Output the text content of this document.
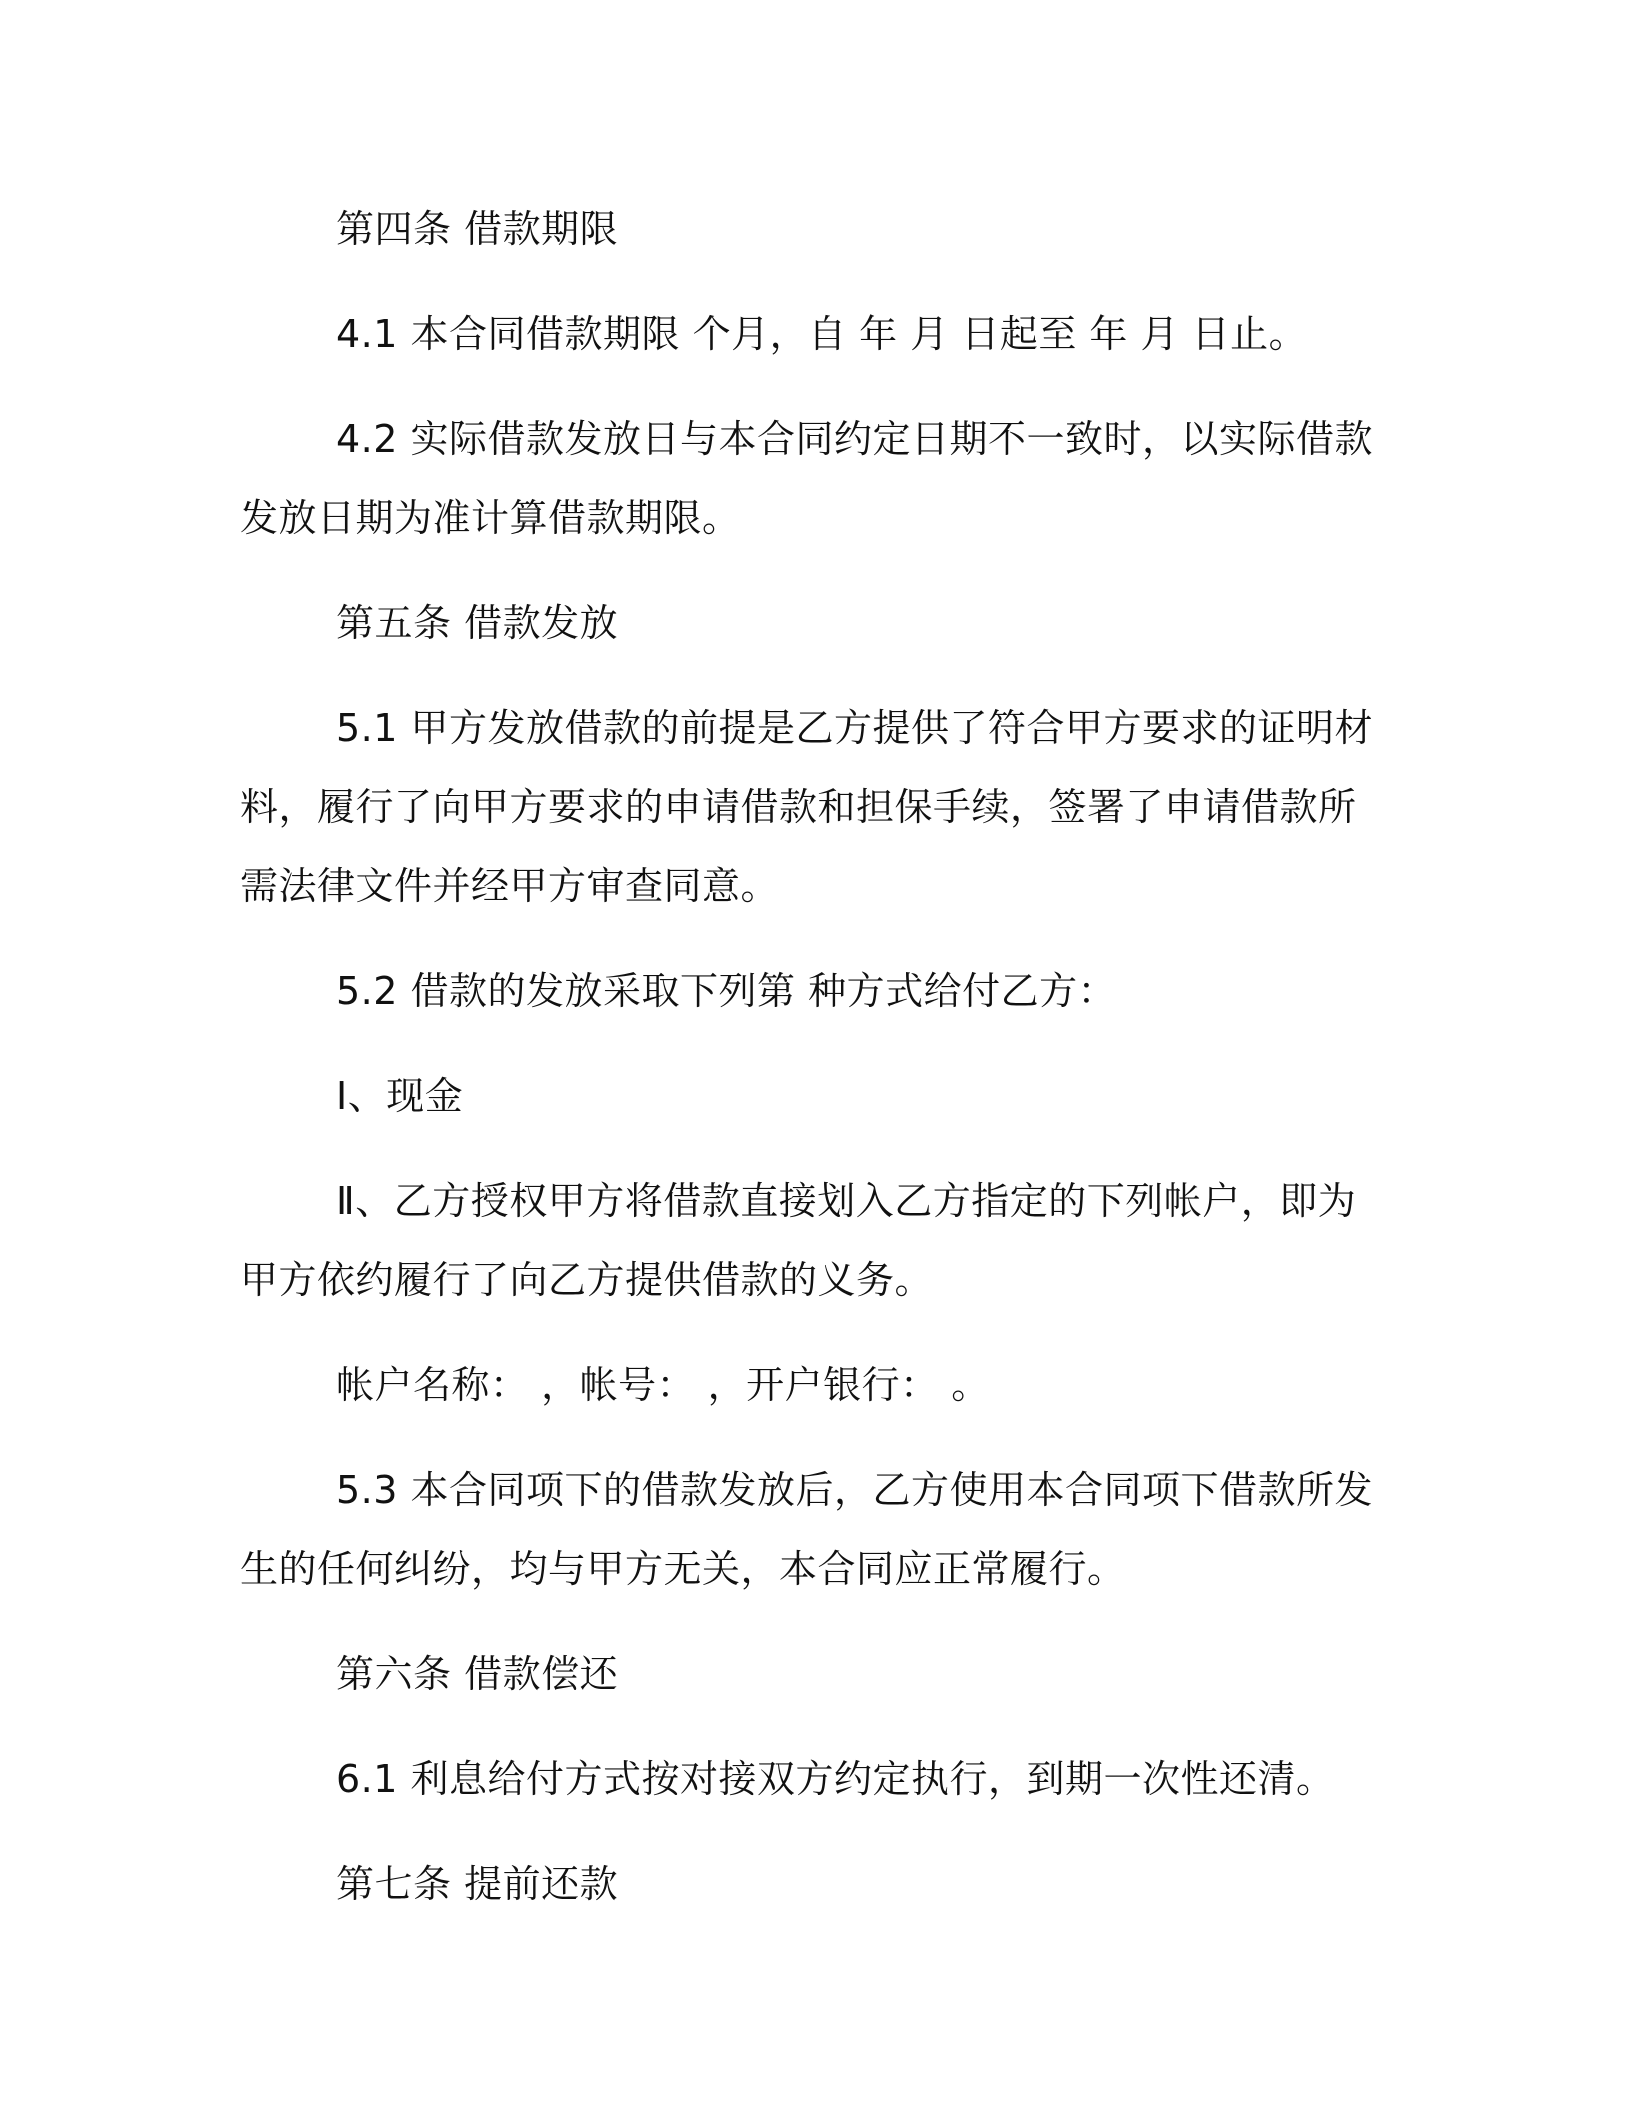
第四条 借款期限

4.1 本合同借款期限 个月，自 年 月 日起至 年 月 日止。

4.2 实际借款发放日与本合同约定日期不一致时，以实际借款发放日期为准计算借款期限。

第五条 借款发放

5.1 甲方发放借款的前提是乙方提供了符合甲方要求的证明材料，履行了向甲方要求的申请借款和担保手续，签署了申请借款所需法律文件并经甲方审查同意。

5.2 借款的发放采取下列第 种方式给付乙方：

Ⅰ、现金

Ⅱ、乙方授权甲方将借款直接划入乙方指定的下列帐户，即为甲方依约履行了向乙方提供借款的义务。

帐户名称： ，帐号： ，开户银行： 。

5.3 本合同项下的借款发放后，乙方使用本合同项下借款所发生的任何纠纷，均与甲方无关，本合同应正常履行。

第六条 借款偿还

6.1 利息给付方式按对接双方约定执行，到期一次性还清。

第七条 提前还款
